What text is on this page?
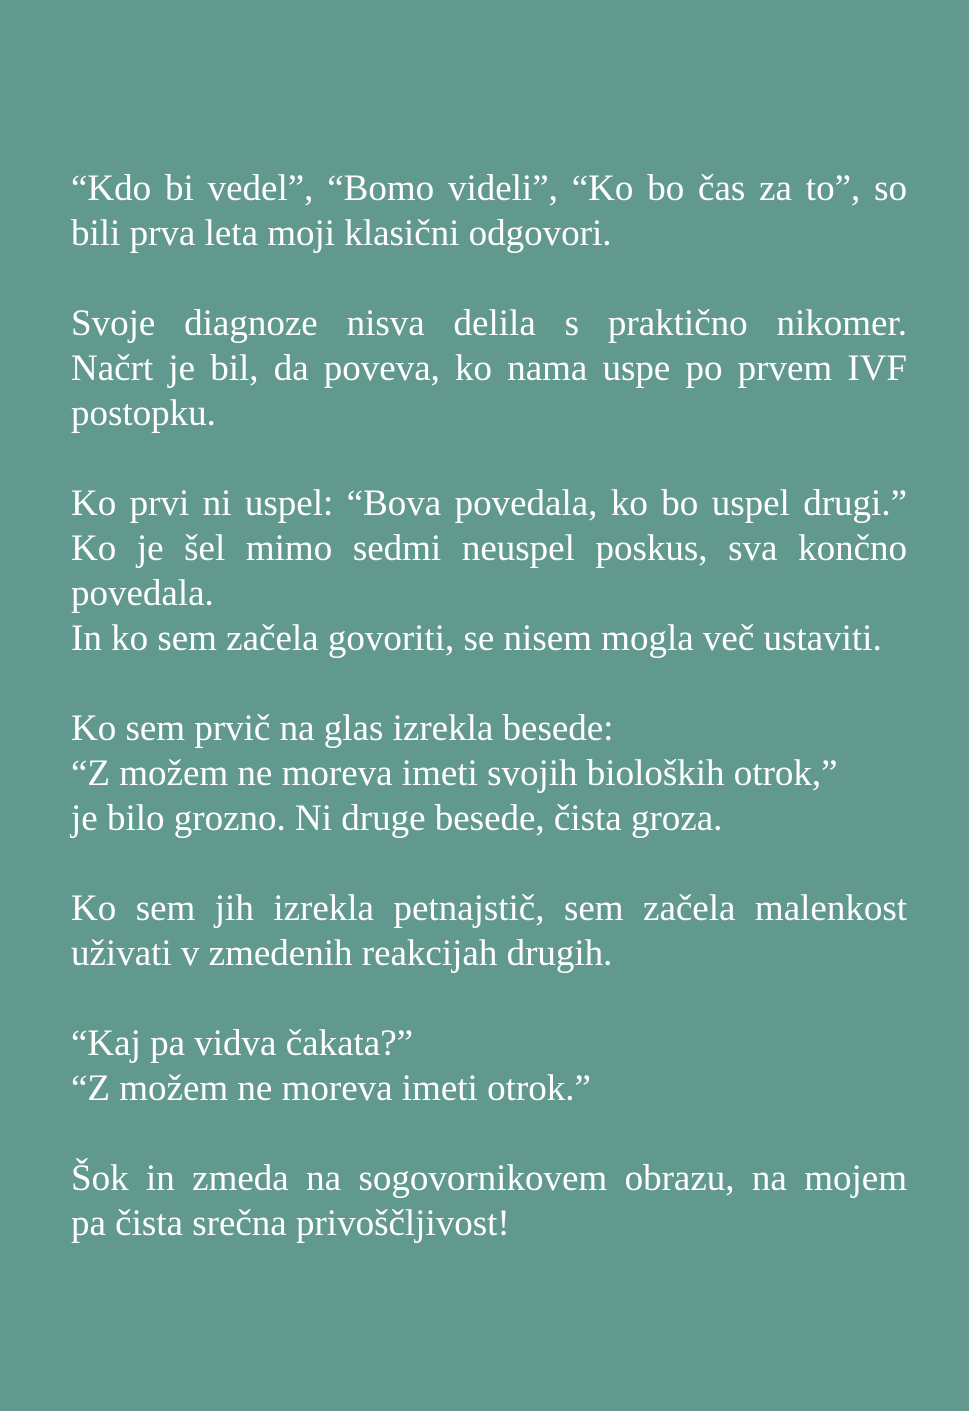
“Kdo bi vedel”, “Bomo videli”, “Ko bo čas za to”, so
bili prva leta moji klasični odgovori.
Svoje diagnoze nisva delila s praktično nikomer.
Načrt je bil, da poveva, ko nama uspe po prvem IVF
postopku.
Ko prvi ni uspel: “Bova povedala, ko bo uspel drugi.”
Ko je šel mimo sedmi neuspel poskus, sva končno
povedala.
In ko sem začela govoriti, se nisem mogla več ustaviti.
Ko sem prvič na glas izrekla besede:
“Z možem ne moreva imeti svojih bioloških otrok,”
je bilo grozno. Ni druge besede, čista groza.
Ko sem jih izrekla petnajstič, sem začela malenkost
uživati v zmedenih reakcijah drugih.
“Kaj pa vidva čakata?”
“Z možem ne moreva imeti otrok.”
Šok in zmeda na sogovornikovem obrazu, na mojem
pa čista srečna privoščljivost!
